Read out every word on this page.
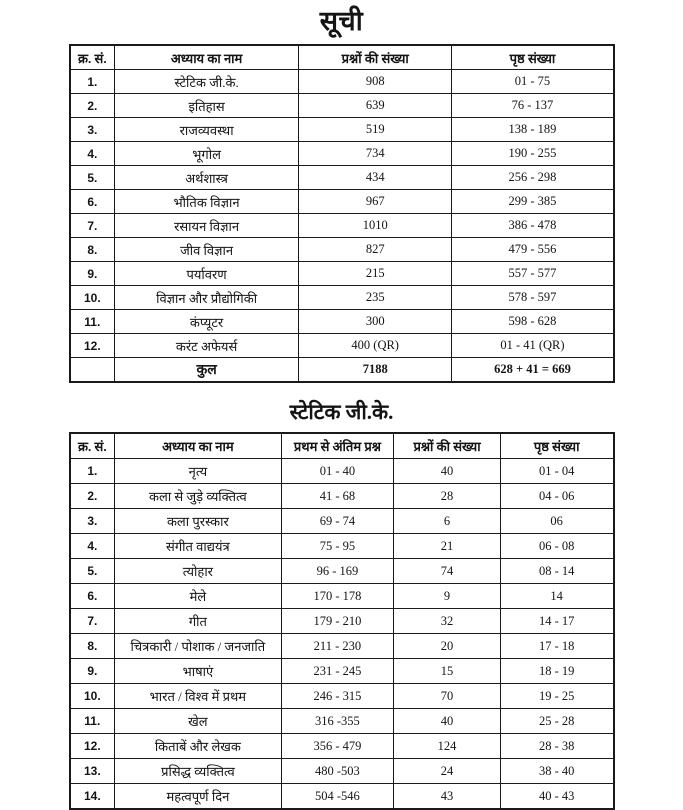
सूची
क्र. सं.	अध्याय का नाम	प्रश्नों की संख्या	पृष्ठ संख्या
1.	स्टेटिक जी.के.	908	01 - 75
2.	इतिहास	639	76 - 137
3.	राजव्यवस्था	519	138 - 189
4.	भूगोल	734	190 - 255
5.	अर्थशास्त्र	434	256 - 298
6.	भौतिक विज्ञान	967	299 - 385
7.	रसायन विज्ञान	1010	386 - 478
8.	जीव विज्ञान	827	479 - 556
9.	पर्यावरण	215	557 - 577
10.	विज्ञान और प्रौद्योगिकी	235	578 - 597
11.	कंप्यूटर	300	598 - 628
12.	करंट अफेयर्स	400 (QR)	01 - 41 (QR)
	कुल	7188	628 + 41 = 669
स्टेटिक जी.के.
क्र. सं.	अध्याय का नाम	प्रथम से अंतिम प्रश्न	प्रश्नों की संख्या	पृष्ठ संख्या
1.	नृत्य	01 - 40	40	01 - 04
2.	कला से जुड़े व्यक्तित्व	41 - 68	28	04 - 06
3.	कला पुरस्कार	69 - 74	6	06
4.	संगीत वाद्ययंत्र	75 - 95	21	06 - 08
5.	त्योहार	96 - 169	74	08 - 14
6.	मेले	170 - 178	9	14
7.	गीत	179 - 210	32	14 - 17
8.	चित्रकारी / पोशाक / जनजाति	211 - 230	20	17 - 18
9.	भाषाएं	231 - 245	15	18 - 19
10.	भारत / विश्व में प्रथम	246 - 315	70	19 - 25
11.	खेल	316 -355	40	25 - 28
12.	किताबें और लेखक	356 - 479	124	28 - 38
13.	प्रसिद्ध व्यक्तित्व	480 -503	24	38 - 40
14.	महत्वपूर्ण दिन	504 -546	43	40 - 43
